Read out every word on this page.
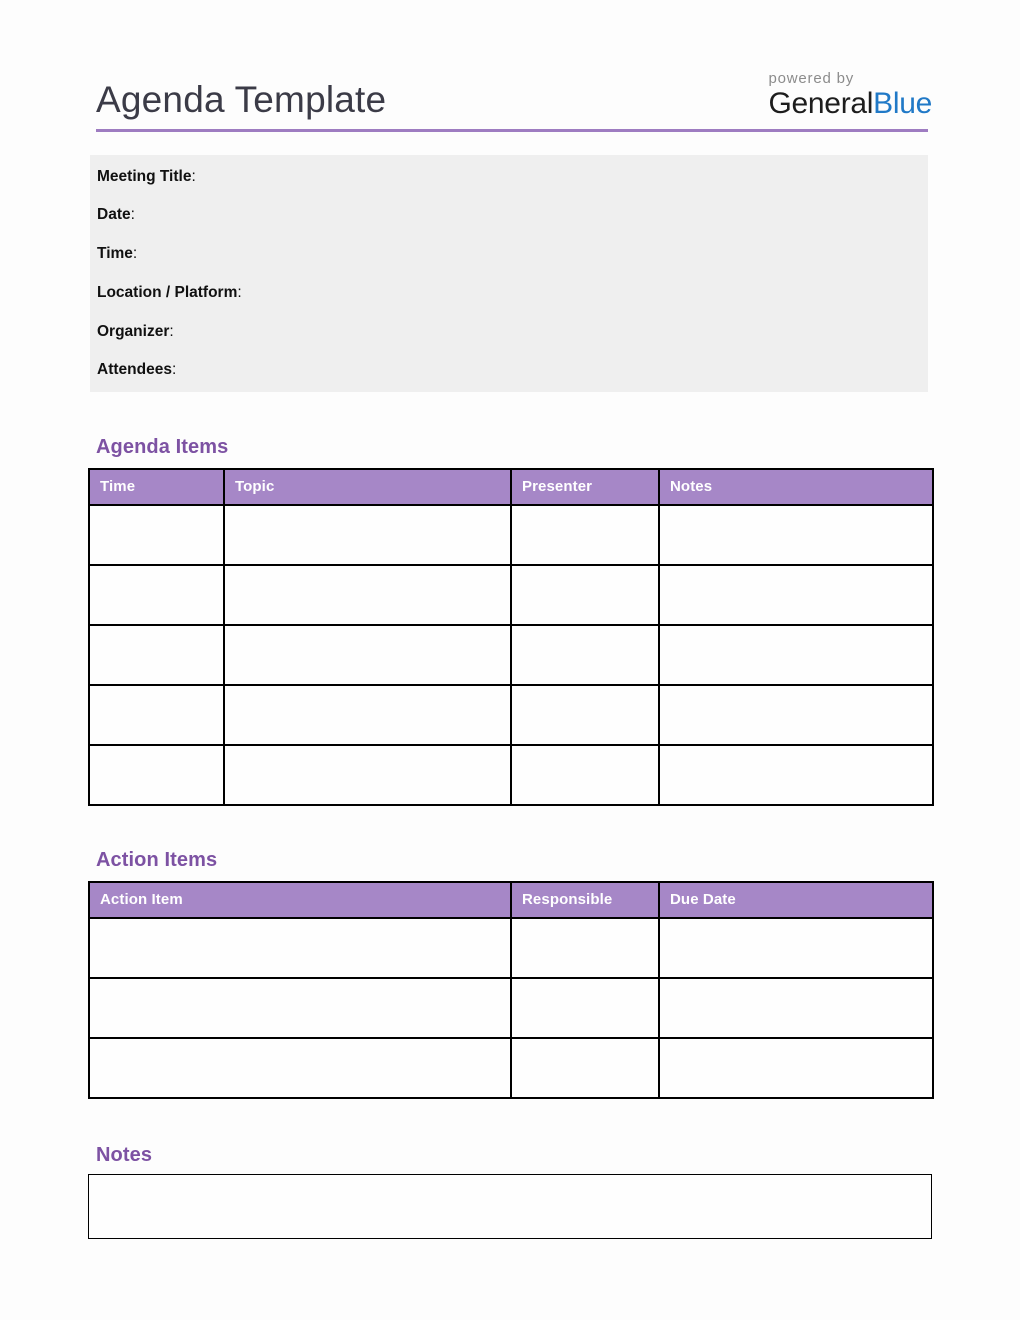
Agenda Template
powered by
GeneralBlue
Meeting Title:
Date:
Time:
Location / Platform:
Organizer:
Attendees:
Agenda Items
Time	Topic	Presenter	Notes

Action Items
Action Item	Responsible	Due Date

Notes
